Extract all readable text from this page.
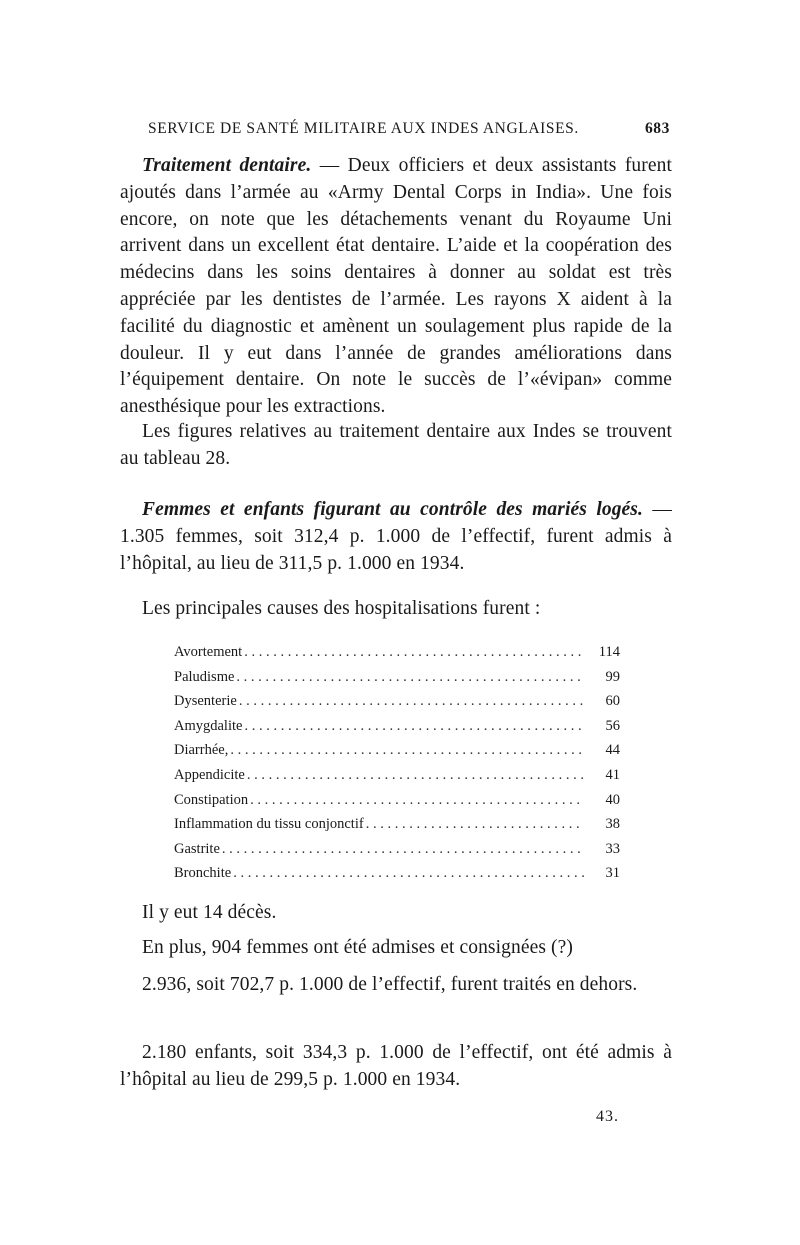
SERVICE DE SANTÉ MILITAIRE AUX INDES ANGLAISES.	683

Traitement dentaire. — Deux officiers et deux assistants furent ajoutés dans l’armée au «Army Dental Corps in India». Une fois encore, on note que les détachements venant du Royaume Uni arrivent dans un excellent état dentaire. L’aide et la coopération des médecins dans les soins dentaires à donner au soldat est très appréciée par les dentistes de l’armée. Les rayons X aident à la facilité du diagnostic et amènent un soulagement plus rapide de la douleur. Il y eut dans l’année de grandes améliorations dans l’équipement dentaire. On note le succès de l’«évipan» comme anesthésique pour les extractions.

Les figures relatives au traitement dentaire aux Indes se trouvent au tableau 28.

Femmes et enfants figurant au contrôle des mariés logés. — 1.305 femmes, soit 312,4 p. 1.000 de l’effectif, furent admis à l’hôpital, au lieu de 311,5 p. 1.000 en 1934.

Les principales causes des hospitalisations furent :

Avortement . . .	114
Paludisme . . .	99
Dysenterie . . .	60
Amygdalite . . .	56
Diarrhée, . . .	44
Appendicite . . .	41
Constipation . . .	40
Inflammation du tissu conjonctif . . .	38
Gastrite . . .	33
Bronchite . . .	31

Il y eut 14 décès.

En plus, 904 femmes ont été admises et consignées (?)

2.936, soit 702,7 p. 1.000 de l’effectif, furent traités en dehors.

2.180 enfants, soit 334,3 p. 1.000 de l’effectif, ont été admis à l’hôpital au lieu de 299,5 p. 1.000 en 1934.

43.
